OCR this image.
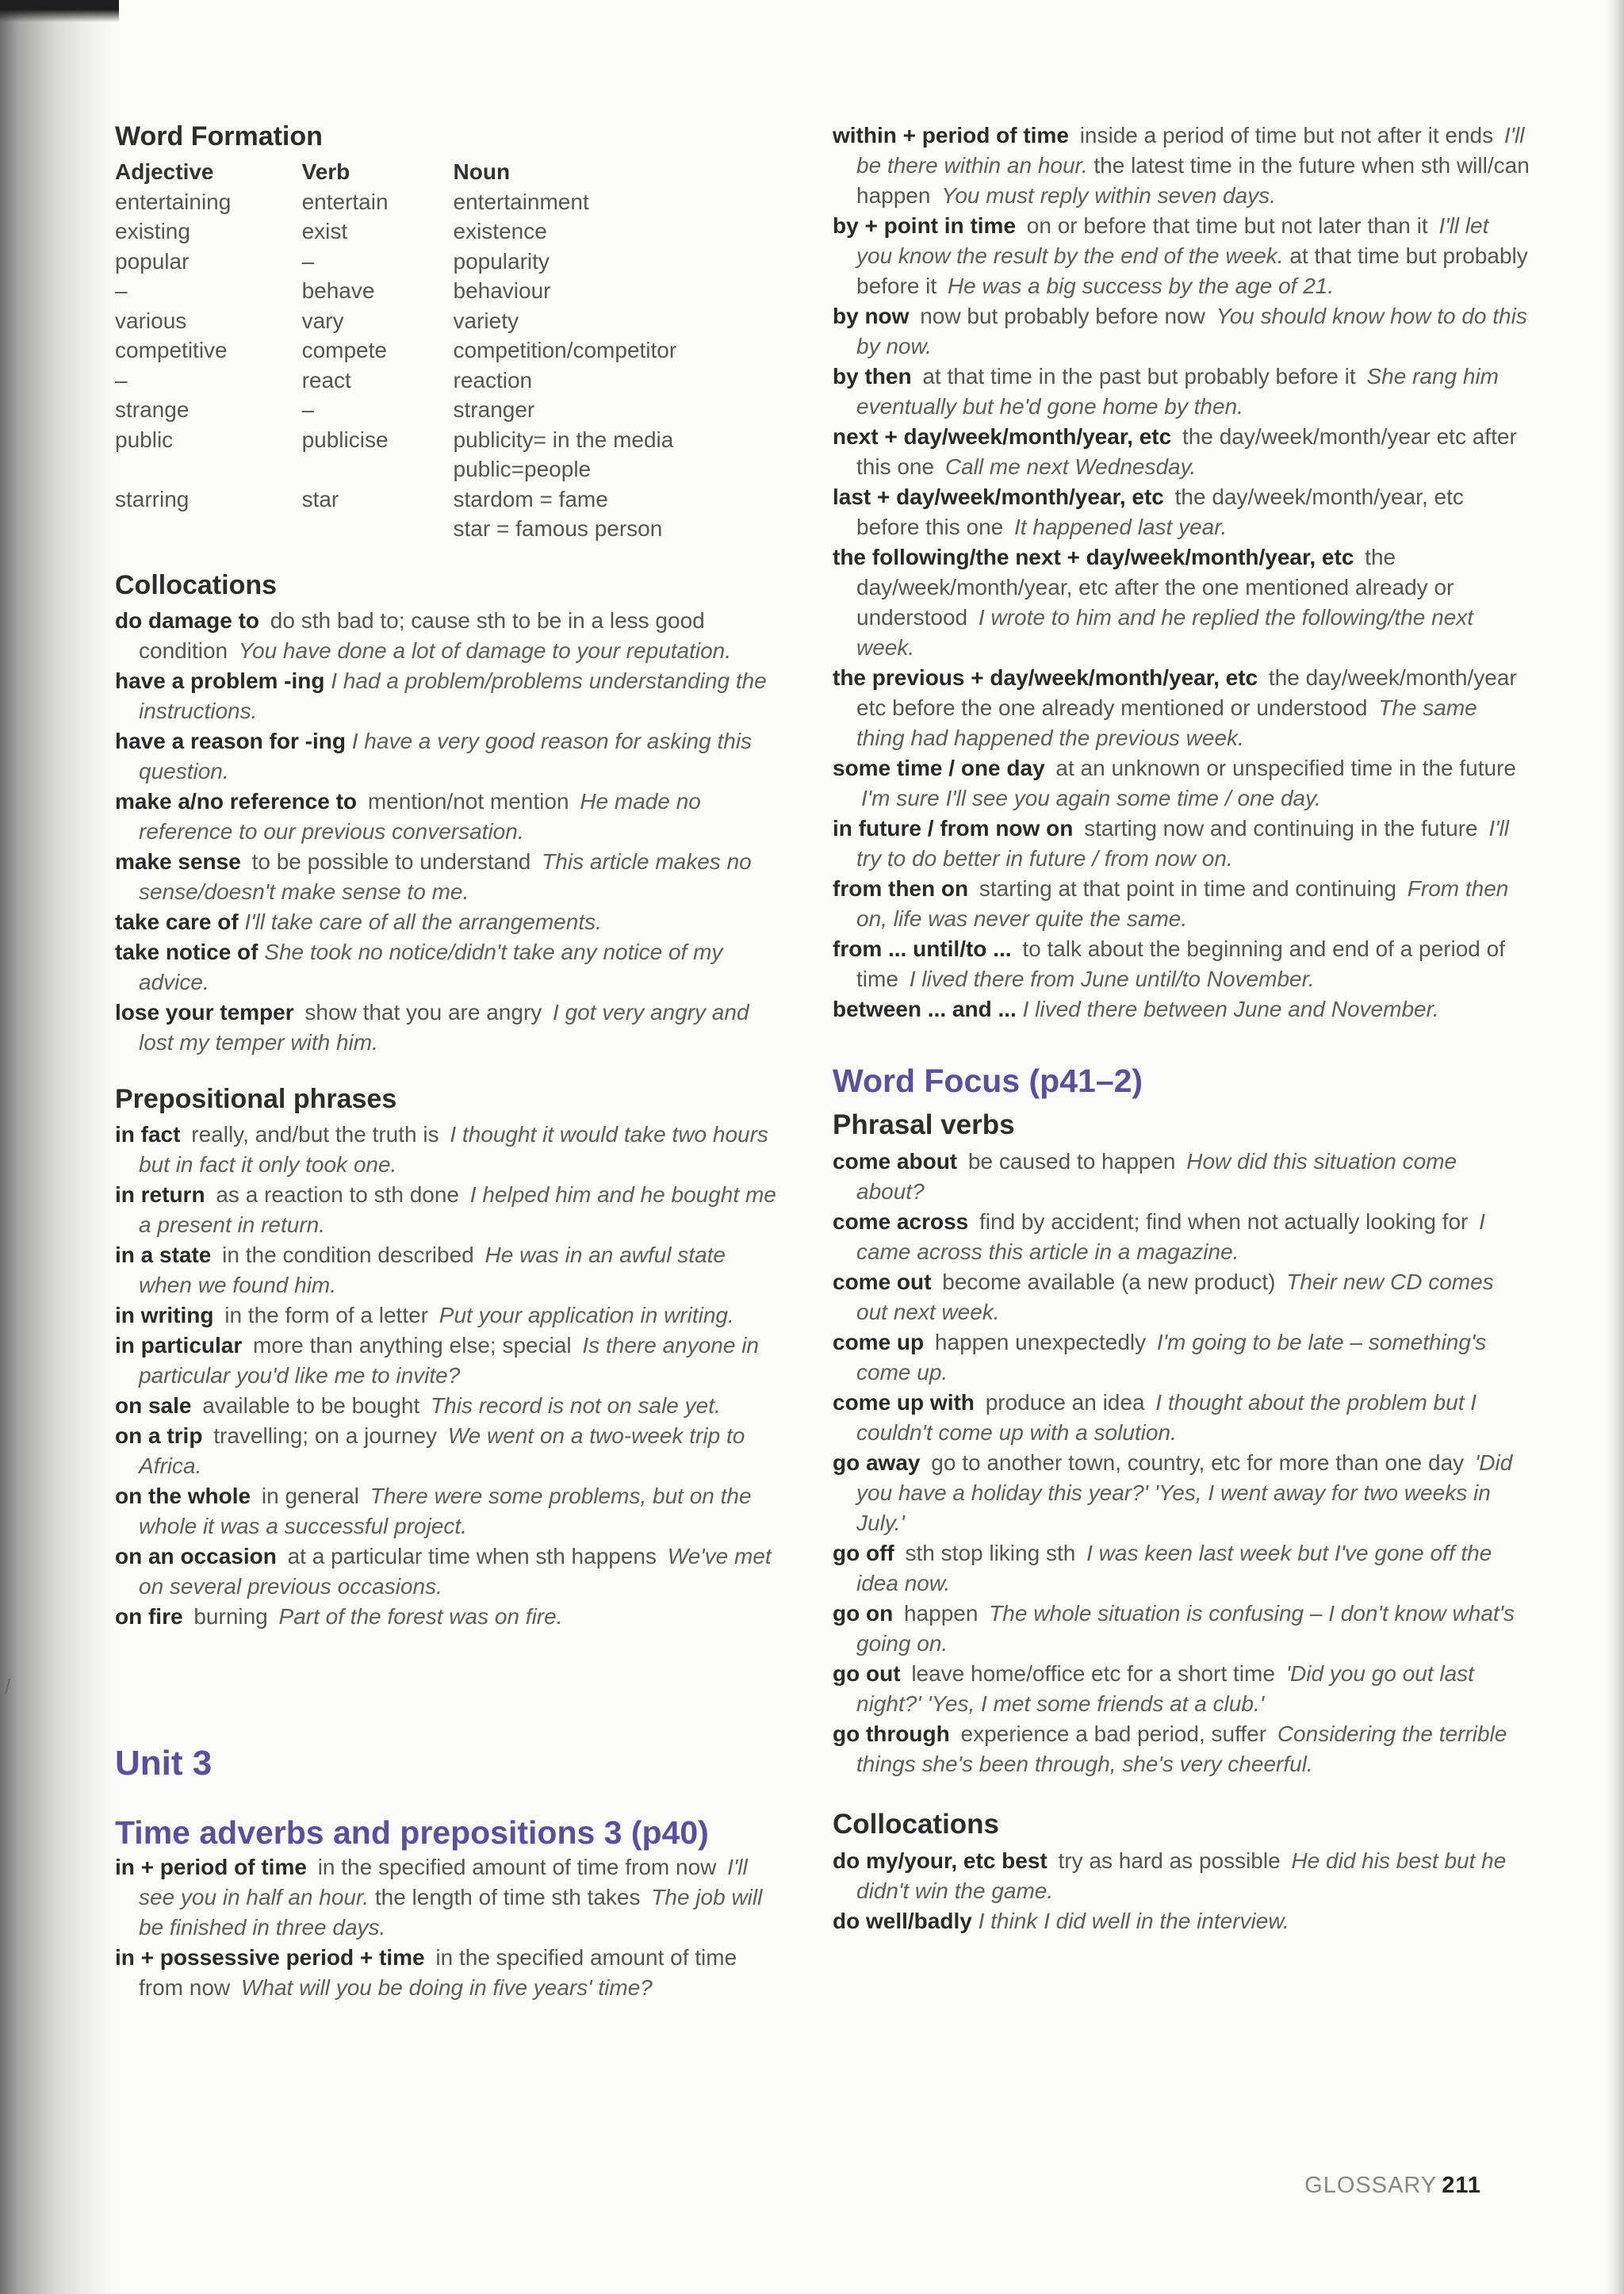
/
Word Formation
Adjective	Verb	Noun
entertaining	entertain	entertainment
existing	exist	existence
popular	–	popularity
–	behave	behaviour
various	vary	variety
competitive	compete	competition/competitor
–	react	reaction
strange	–	stranger
public	publicise	publicity= in the media
		public=people
starring	star	stardom = fame
		star = famous person
Collocations

do damage to do sth bad to; cause sth to be in a less good condition You have done a lot of damage to your reputation.

have a problem -ing I had a problem/problems understanding the instructions.

have a reason for -ing I have a very good reason for asking this question.

make a/no reference to mention/not mention He made no reference to our previous conversation.

make sense to be possible to understand This article makes no sense/doesn't make sense to me.

take care of I'll take care of all the arrangements.

take notice of She took no notice/didn't take any notice of my advice.

lose your temper show that you are angry I got very angry and lost my temper with him.

Prepositional phrases

in fact really, and/but the truth is I thought it would take two hours but in fact it only took one.

in return as a reaction to sth done I helped him and he bought me a present in return.

in a state in the condition described He was in an awful state when we found him.

in writing in the form of a letter Put your application in writing.

in particular more than anything else; special Is there anyone in particular you'd like me to invite?

on sale available to be bought This record is not on sale yet.

on a trip travelling; on a journey We went on a two-week trip to Africa.

on the whole in general There were some problems, but on the whole it was a successful project.

on an occasion at a particular time when sth happens We've met on several previous occasions.

on fire burning Part of the forest was on fire.

Unit 3
Time adverbs and prepositions 3 (p40)

in + period of time in the specified amount of time from now I'll see you in half an hour. the length of time sth takes The job will be finished in three days.

in + possessive period + time in the specified amount of time from now What will you be doing in five years' time?

within + period of time inside a period of time but not after it ends I'll be there within an hour. the latest time in the future when sth will/can happen You must reply within seven days.

by + point in time on or before that time but not later than it I'll let you know the result by the end of the week. at that time but probably before it He was a big success by the age of 21.

by now now but probably before now You should know how to do this by now.

by then at that time in the past but probably before it She rang him eventually but he'd gone home by then.

next + day/week/month/year, etc the day/week/month/year etc after this one Call me next Wednesday.

last + day/week/month/year, etc the day/week/month/year, etc before this one It happened last year.

the following/the next + day/week/month/year, etc the day/week/month/year, etc after the one mentioned already or understood I wrote to him and he replied the following/the next week.

the previous + day/week/month/year, etc the day/week/month/year etc before the one already mentioned or understood The same thing had happened the previous week.

some time / one day at an unknown or unspecified time in the future I'm sure I'll see you again some time / one day.

in future / from now on starting now and continuing in the future I'll try to do better in future / from now on.

from then on starting at that point in time and continuing From then on, life was never quite the same.

from ... until/to ... to talk about the beginning and end of a period of time I lived there from June until/to November.

between ... and ... I lived there between June and November.

Word Focus (p41–2)
Phrasal verbs

come about be caused to happen How did this situation come about?

come across find by accident; find when not actually looking for I came across this article in a magazine.

come out become available (a new product) Their new CD comes out next week.

come up happen unexpectedly I'm going to be late – something's come up.

come up with produce an idea I thought about the problem but I couldn't come up with a solution.

go away go to another town, country, etc for more than one day 'Did you have a holiday this year?' 'Yes, I went away for two weeks in July.'

go off sth stop liking sth I was keen last week but I've gone off the idea now.

go on happen The whole situation is confusing – I don't know what's going on.

go out leave home/office etc for a short time 'Did you go out last night?' 'Yes, I met some friends at a club.'

go through experience a bad period, suffer Considering the terrible things she's been through, she's very cheerful.

Collocations

do my/your, etc best try as hard as possible He did his best but he didn't win the game.

do well/badly I think I did well in the interview.

GLOSSARY 211
